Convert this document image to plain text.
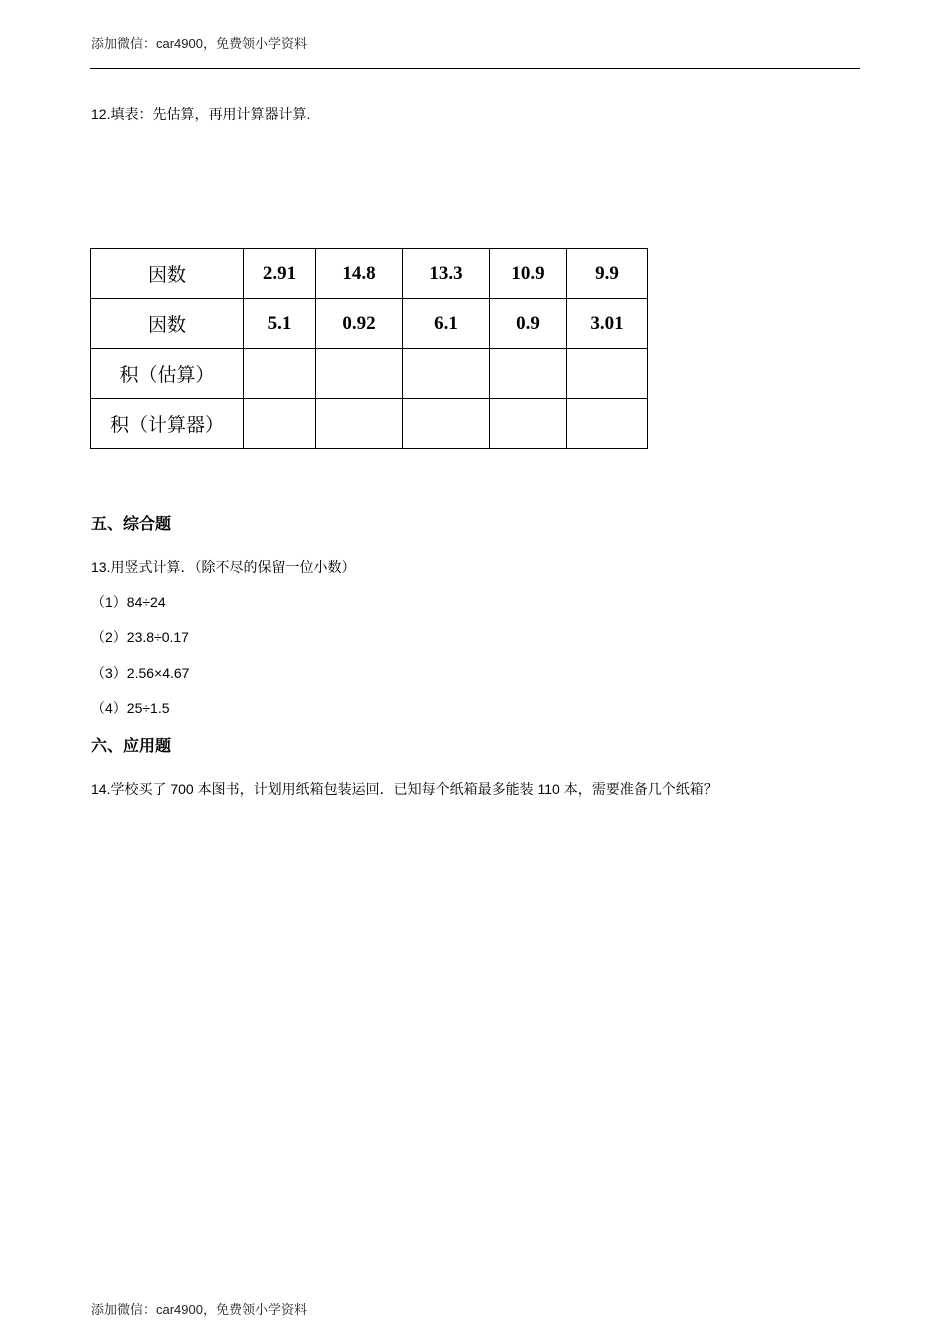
添加微信：car4900，免费领小学资料
12.填表：先估算，再用计算器计算.
因数	2.91	14.8	13.3	10.9	9.9
因数	5.1	0.92	6.1	0.9	3.01
积（估算）					
积（计算器）					
五、综合题
13.用竖式计算．（除不尽的保留一位小数）
（1）84÷24
（2）23.8÷0.17
（3）2.56×4.67
（4）25÷1.5
六、应用题
14.学校买了 700 本图书，计划用纸箱包装运回．已知每个纸箱最多能装 110 本，需要准备几个纸箱？
添加微信：car4900，免费领小学资料
